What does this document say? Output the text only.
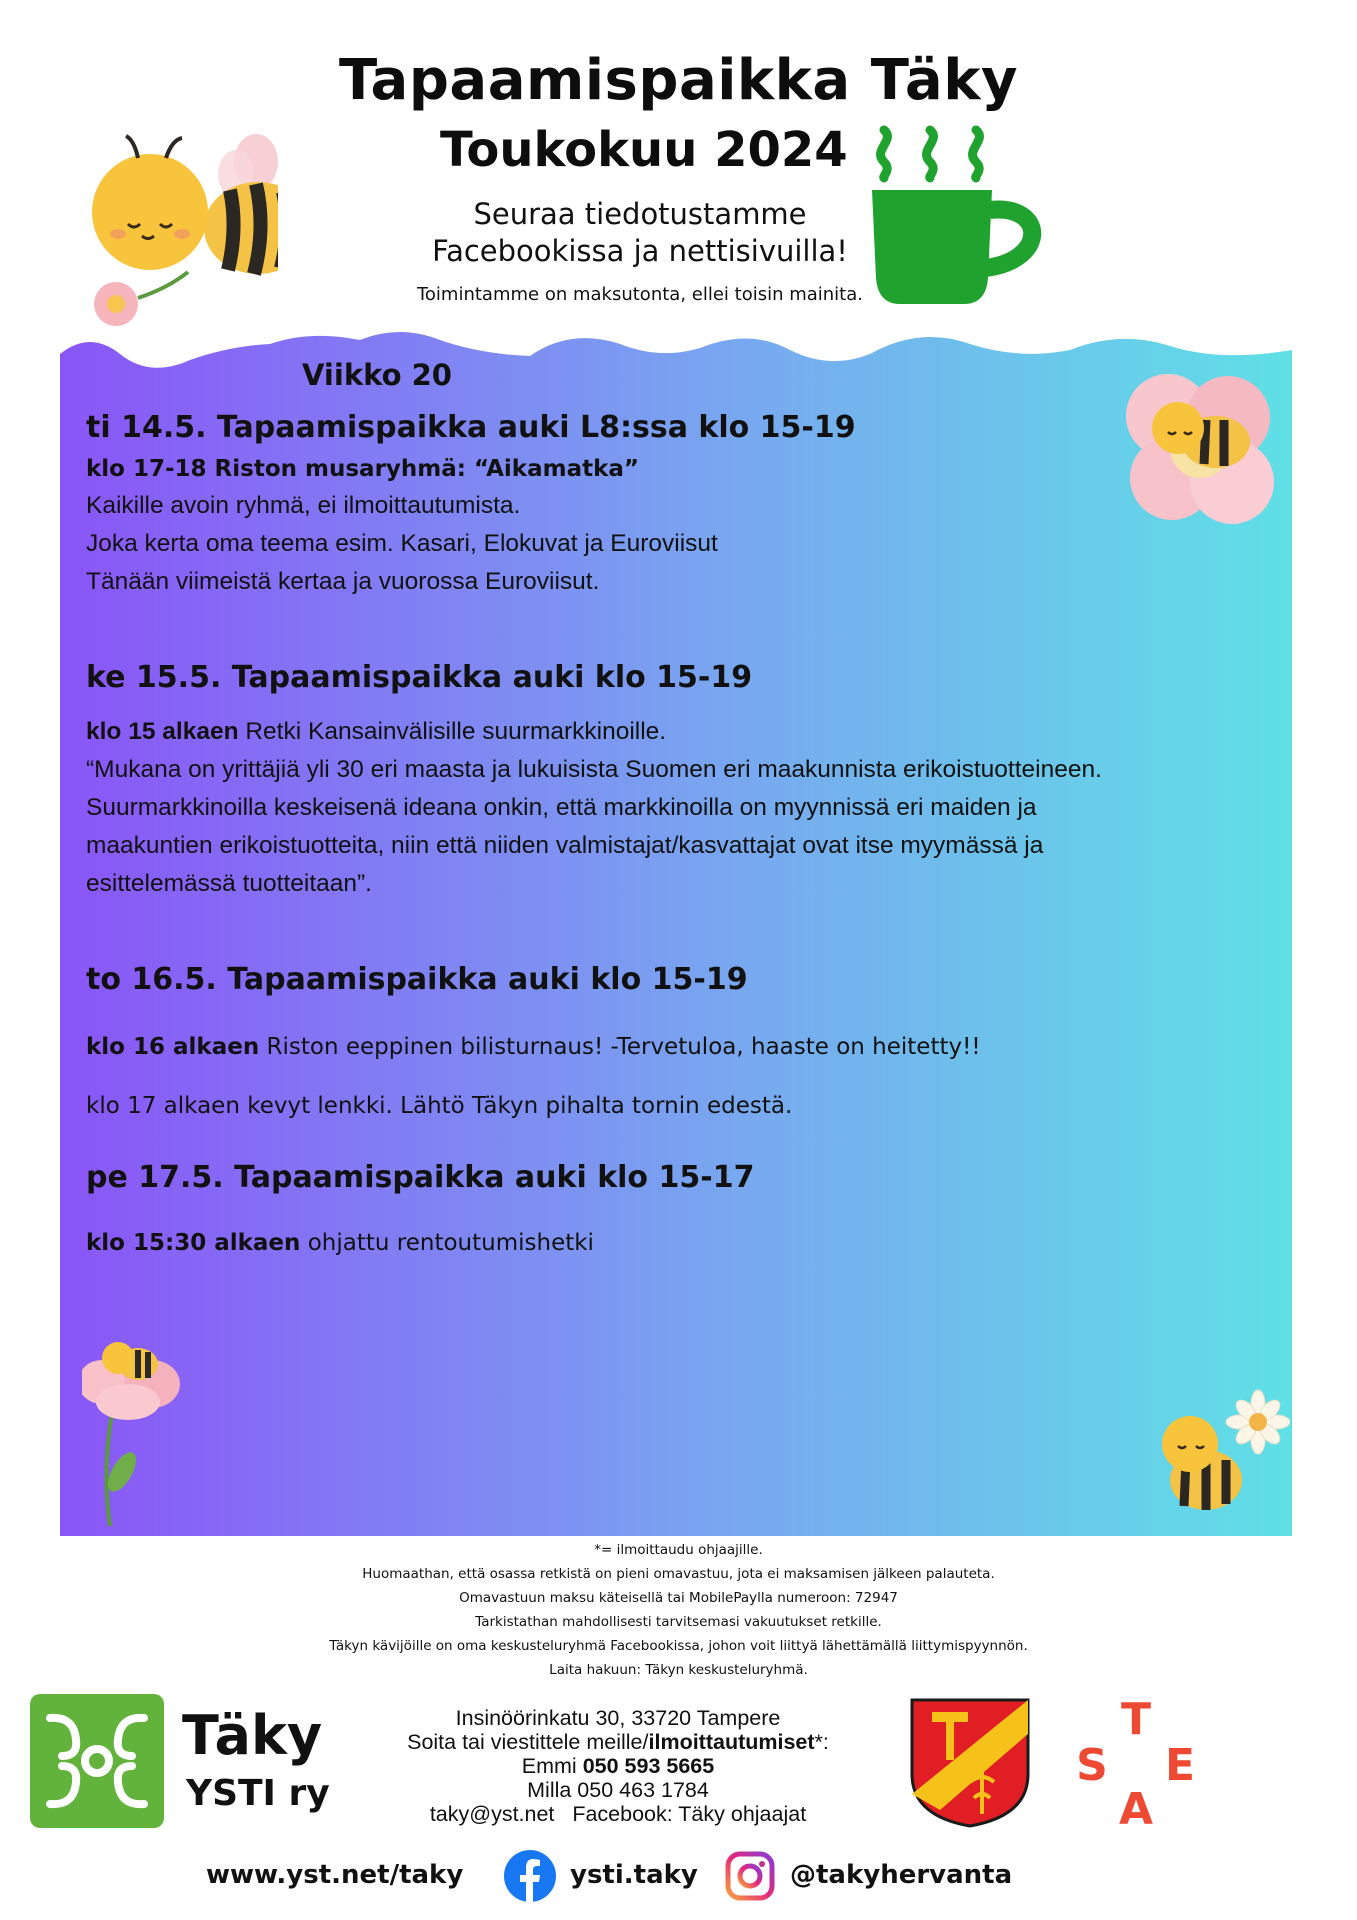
Tapaamispaikka Täky
Toukokuu 2024
Seuraa tiedotustamme
Facebookissa ja nettisivuilla!
Toimintamme on maksutonta, ellei toisin mainita.
Viikko 20
ti 14.5. Tapaamispaikka auki L8:ssa klo 15-19
klo 17-18 Riston musaryhmä: “Aikamatka”
Kaikille avoin ryhmä, ei ilmoittautumista.
Joka kerta oma teema esim. Kasari, Elokuvat ja Euroviisut
Tänään viimeistä kertaa ja vuorossa Euroviisut.
ke 15.5. Tapaamispaikka auki klo 15-19
klo 15 alkaen Retki Kansainvälisille suurmarkkinoille.
“Mukana on yrittäjiä yli 30 eri maasta ja lukuisista Suomen eri maakunnista erikoistuotteineen.
Suurmarkkinoilla keskeisenä ideana onkin, että markkinoilla on myynnissä eri maiden ja
maakuntien erikoistuotteita, niin että niiden valmistajat/kasvattajat ovat itse myymässä ja
esittelemässä tuotteitaan”.
to 16.5. Tapaamispaikka auki klo 15-19
klo 16 alkaen Riston eeppinen bilisturnaus! -Tervetuloa, haaste on heitetty!!
klo 17 alkaen kevyt lenkki. Lähtö Täkyn pihalta tornin edestä.
pe 17.5. Tapaamispaikka auki klo 15-17
klo 15:30 alkaen ohjattu rentoutumishetki
*= ilmoittaudu ohjaajille.
Huomaathan, että osassa retkistä on pieni omavastuu, jota ei maksamisen jälkeen palauteta.
Omavastuun maksu käteisellä tai MobilePaylla numeroon: 72947
Tarkistathan mahdollisesti tarvitsemasi vakuutukset retkille.
Täkyn kävijöille on oma keskusteluryhmä Facebookissa, johon voit liittyä lähettämällä liittymispyynnön.
Laita hakuun: Täkyn keskusteluryhmä.
Täky
YSTI ry
Insinöörinkatu 30, 33720 Tampere
Soita tai viestittele meille/ilmoittautumiset*:
Emmi 050 593 5665
Milla 050 463 1784
taky@yst.net   Facebook: Täky ohjaajat
T
S E
A
www.yst.net/taky	ysti.taky	@takyhervanta
